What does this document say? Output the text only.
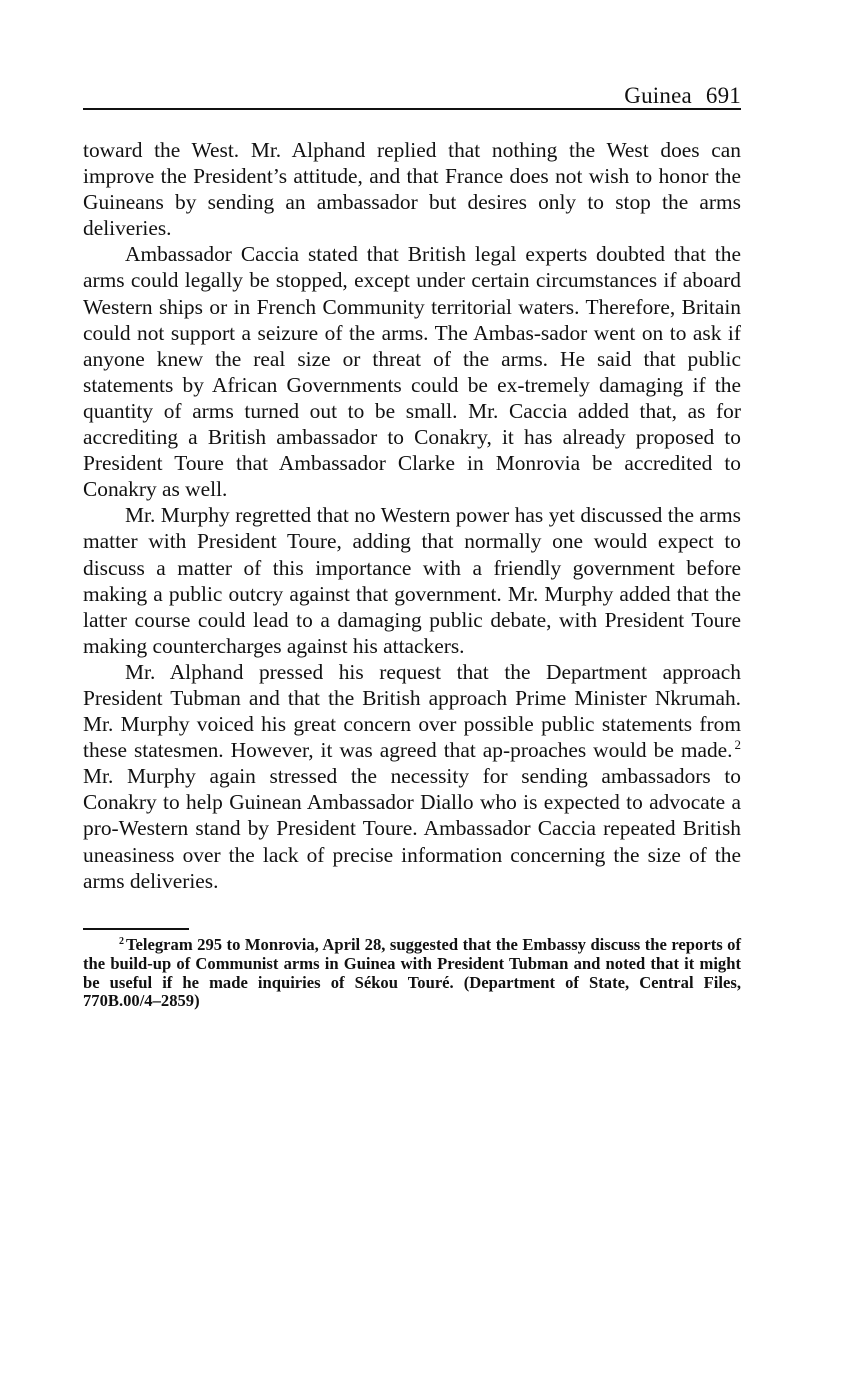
Guinea 691

toward the West. Mr. Alphand replied that nothing the West does can improve the President’s attitude, and that France does not wish to honor the Guineans by sending an ambassador but desires only to stop the arms deliveries.

Ambassador Caccia stated that British legal experts doubted that the arms could legally be stopped, except under certain circumstances if aboard Western ships or in French Community territorial waters. Therefore, Britain could not support a seizure of the arms. The Ambas-sador went on to ask if anyone knew the real size or threat of the arms. He said that public statements by African Governments could be ex-tremely damaging if the quantity of arms turned out to be small. Mr. Caccia added that, as for accrediting a British ambassador to Conakry, it has already proposed to President Toure that Ambassador Clarke in Monrovia be accredited to Conakry as well.

Mr. Murphy regretted that no Western power has yet discussed the arms matter with President Toure, adding that normally one would expect to discuss a matter of this importance with a friendly government before making a public outcry against that government. Mr. Murphy added that the latter course could lead to a damaging public debate, with President Toure making countercharges against his attackers.

Mr. Alphand pressed his request that the Department approach President Tubman and that the British approach Prime Minister Nkrumah. Mr. Murphy voiced his great concern over possible public statements from these statesmen. However, it was agreed that ap-proaches would be made. $^2$ Mr. Murphy again stressed the necessity for sending ambassadors to Conakry to help Guinean Ambassador Diallo who is expected to advocate a pro-Western stand by President Toure. Ambassador Caccia repeated British uneasiness over the lack of precise information concerning the size of the arms deliveries.

$^2$ Telegram 295 to Monrovia, April 28, suggested that the Embassy discuss the reports of the build-up of Communist arms in Guinea with President Tubman and noted that it might be useful if he made inquiries of Sékou Touré. (Department of State, Central Files, 770B.00/4–2859)
